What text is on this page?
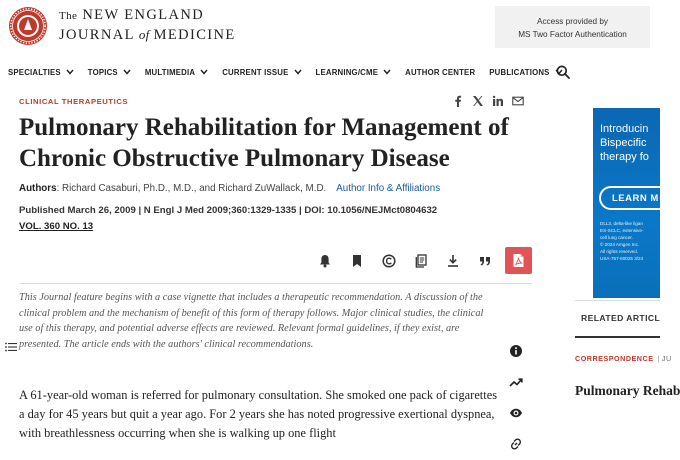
The NEW ENGLAND
JOURNAL of MEDICINE
Access provided by
MS Two Factor Authentication
SPECIALTIES	TOPICS	MULTIMEDIA	CURRENT ISSUE	LEARNING/CME	AUTHOR CENTER PUBLICATIONS
CLINICAL THERAPEUTICS
Pulmonary Rehabilitation for Management of Chronic Obstructive Pulmonary Disease
Authors: Richard Casaburi, Ph.D., M.D., and Richard ZuWallack, M.D. Author Info & Affiliations
Published March 26, 2009 | N Engl J Med 2009;360:1329-1335 | DOI: 10.1056/NEJMct0804632
VOL. 360 NO. 13

This Journal feature begins with a case vignette that includes a therapeutic recommendation. A discussion of the clinical problem and the mechanism of benefit of this form of therapy follows. Major clinical studies, the clinical use of this therapy, and potential adverse effects are reviewed. Relevant formal guidelines, if they exist, are presented. The article ends with the authors' clinical recommendations.

A 61-year-old woman is referred for pulmonary consultation. She smoked one pack of cigarettes a day for 45 years but quit a year ago. For 2 years she has noted progressive exertional dyspnea, with breathlessness occurring when she is walking up one flight

Introducin
Bispecific
therapy fo
LEARN M
DLL3, delta-like ligan
ES-SCLC, extensive-
cell lung cancer.
© 2024 Amgen Inc.
All rights reserved.
USA-757-80025 3/24
RELATED ARTICL
CORRESPONDENCE | JU
Pulmonary Rehab
